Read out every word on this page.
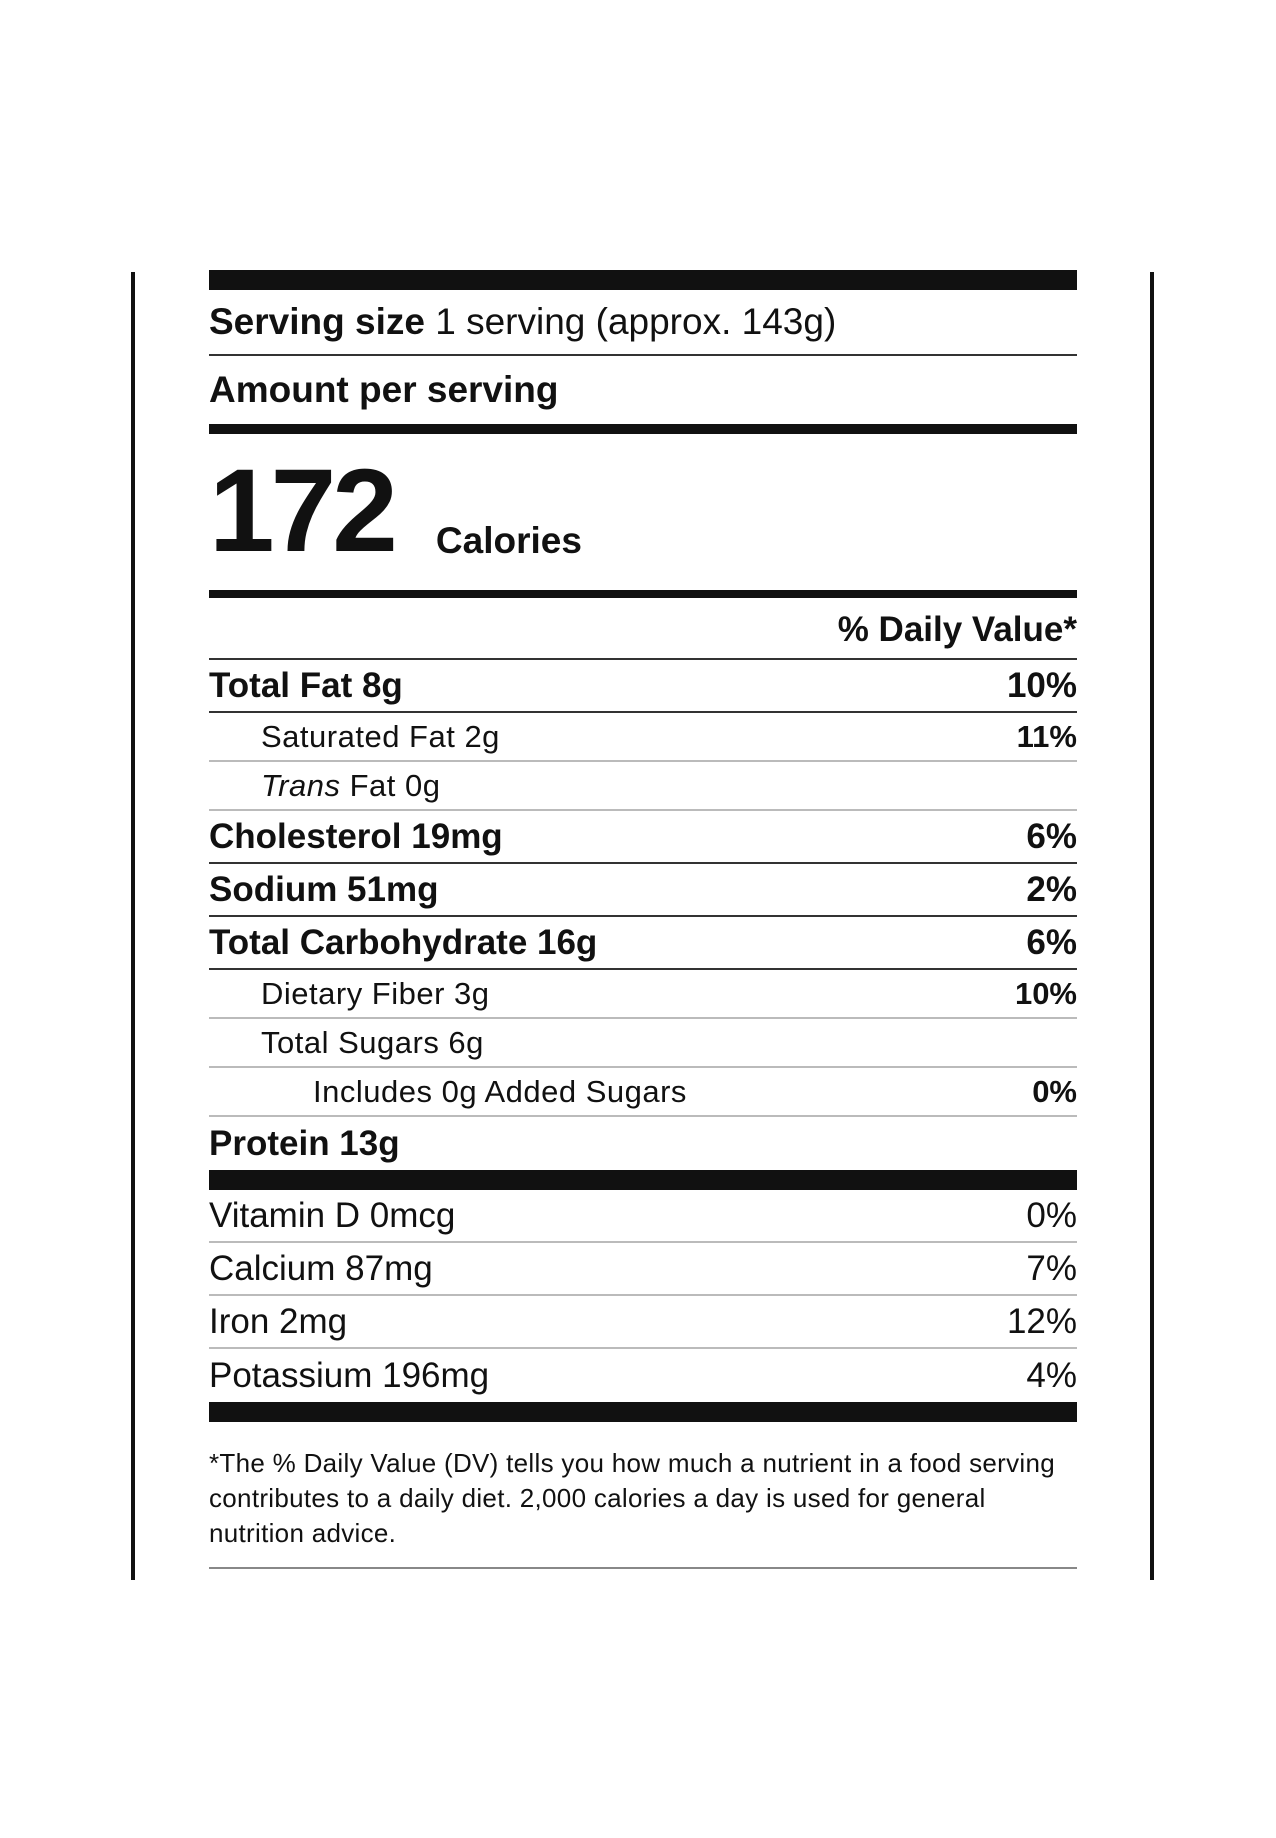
Serving size 1 serving (approx. 143g)
Amount per serving
172 Calories
% Daily Value*
Total Fat 8g	10%
Saturated Fat 2g	11%
Trans Fat 0g
Cholesterol 19mg	6%
Sodium 51mg	2%
Total Carbohydrate 16g	6%
Dietary Fiber 3g	10%
Total Sugars 6g
Includes 0g Added Sugars	0%
Protein 13g
Vitamin D 0mcg	0%
Calcium 87mg	7%
Iron 2mg	12%
Potassium 196mg	4%
*The % Daily Value (DV) tells you how much a nutrient in a food serving contributes to a daily diet. 2,000 calories a day is used for general nutrition advice.
